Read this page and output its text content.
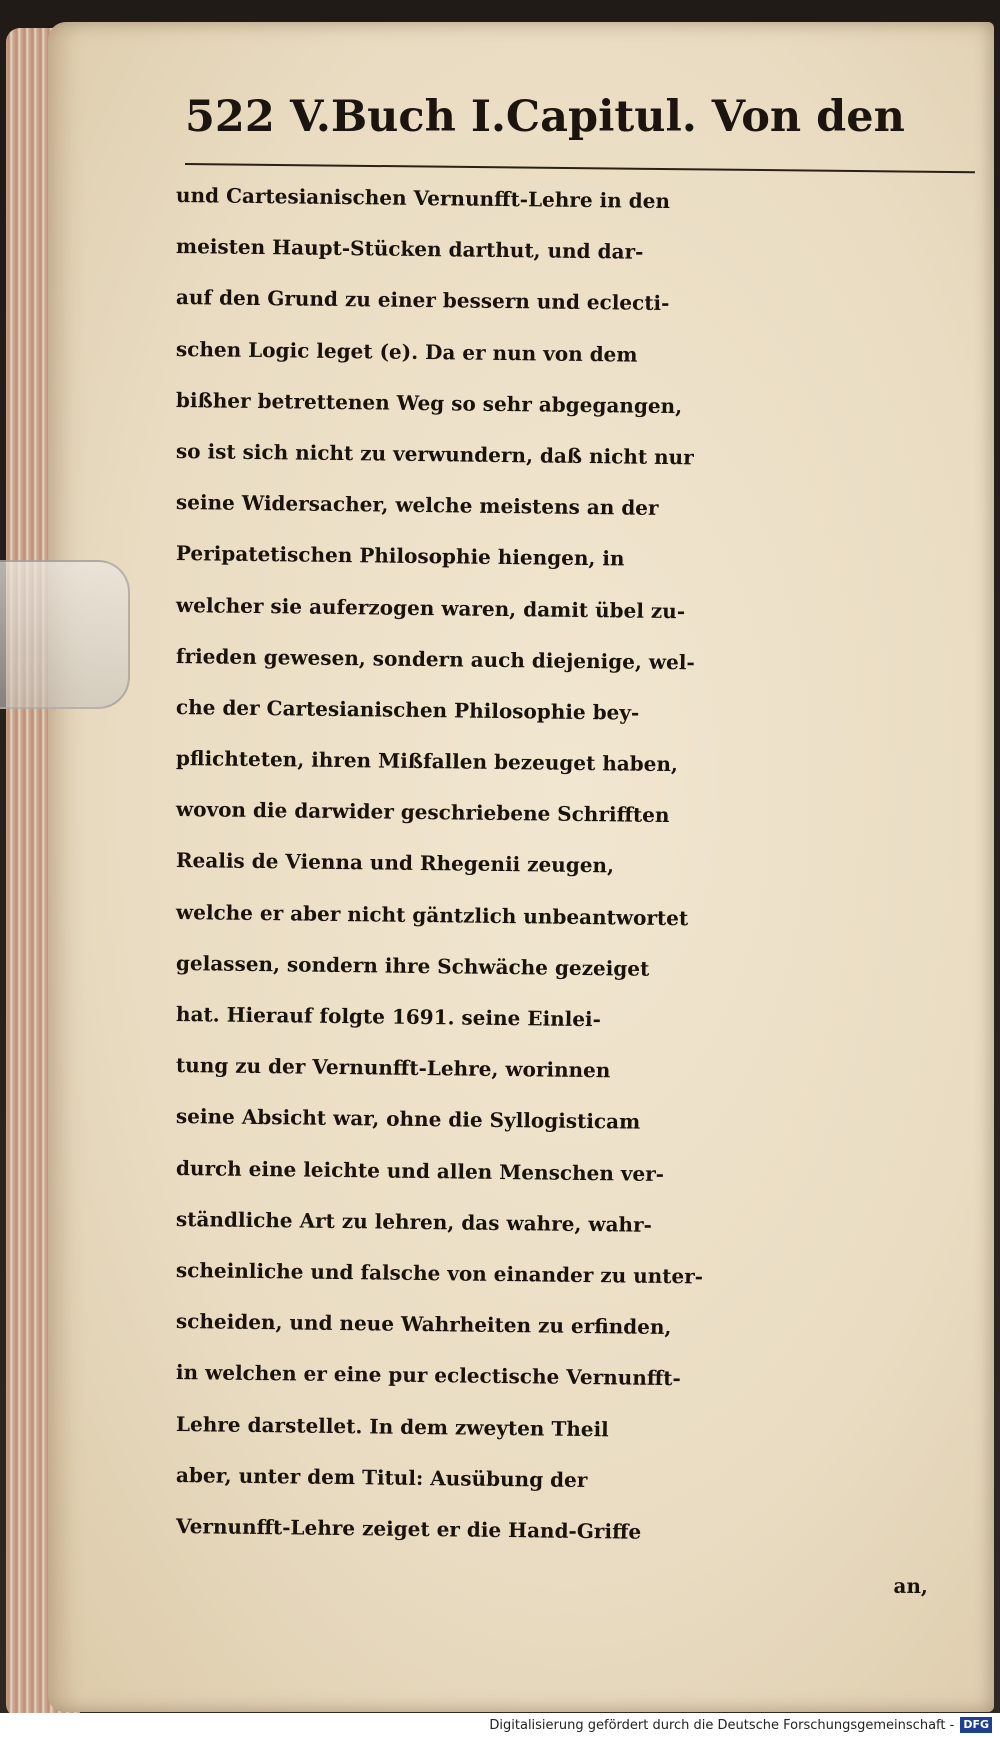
522 V.Buch I.Capitul. Von den
und Cartesianischen Vernunfft-Lehre in den
meisten Haupt-Stücken darthut, und dar-
auf den Grund zu einer bessern und eclecti-
schen Logic leget (e). Da er nun von dem
bißher betrettenen Weg so sehr abgegangen,
so ist sich nicht zu verwundern, daß nicht nur
seine Widersacher, welche meistens an der
Peripatetischen Philosophie hiengen, in
welcher sie auferzogen waren, damit übel zu-
frieden gewesen, sondern auch diejenige, wel-
che der Cartesianischen Philosophie bey-
pflichteten, ihren Mißfallen bezeuget haben,
wovon die darwider geschriebene Schrifften
Realis de Vienna und Rhegenii zeugen,
welche er aber nicht gäntzlich unbeantwortet
gelassen, sondern ihre Schwäche gezeiget
hat. Hierauf folgte 1691. seine Einlei-
tung zu der Vernunfft-Lehre, worinnen
seine Absicht war, ohne die Syllogisticam
durch eine leichte und allen Menschen ver-
ständliche Art zu lehren, das wahre, wahr-
scheinliche und falsche von einander zu unter-
scheiden, und neue Wahrheiten zu erfinden,
in welchen er eine pur eclectische Vernunfft-
Lehre darstellet. In dem zweyten Theil
aber, unter dem Titul: Ausübung der
Vernunfft-Lehre zeiget er die Hand-Griffe
an,
Digitalisierung gefördert durch die Deutsche Forschungsgemeinschaft - DFG
